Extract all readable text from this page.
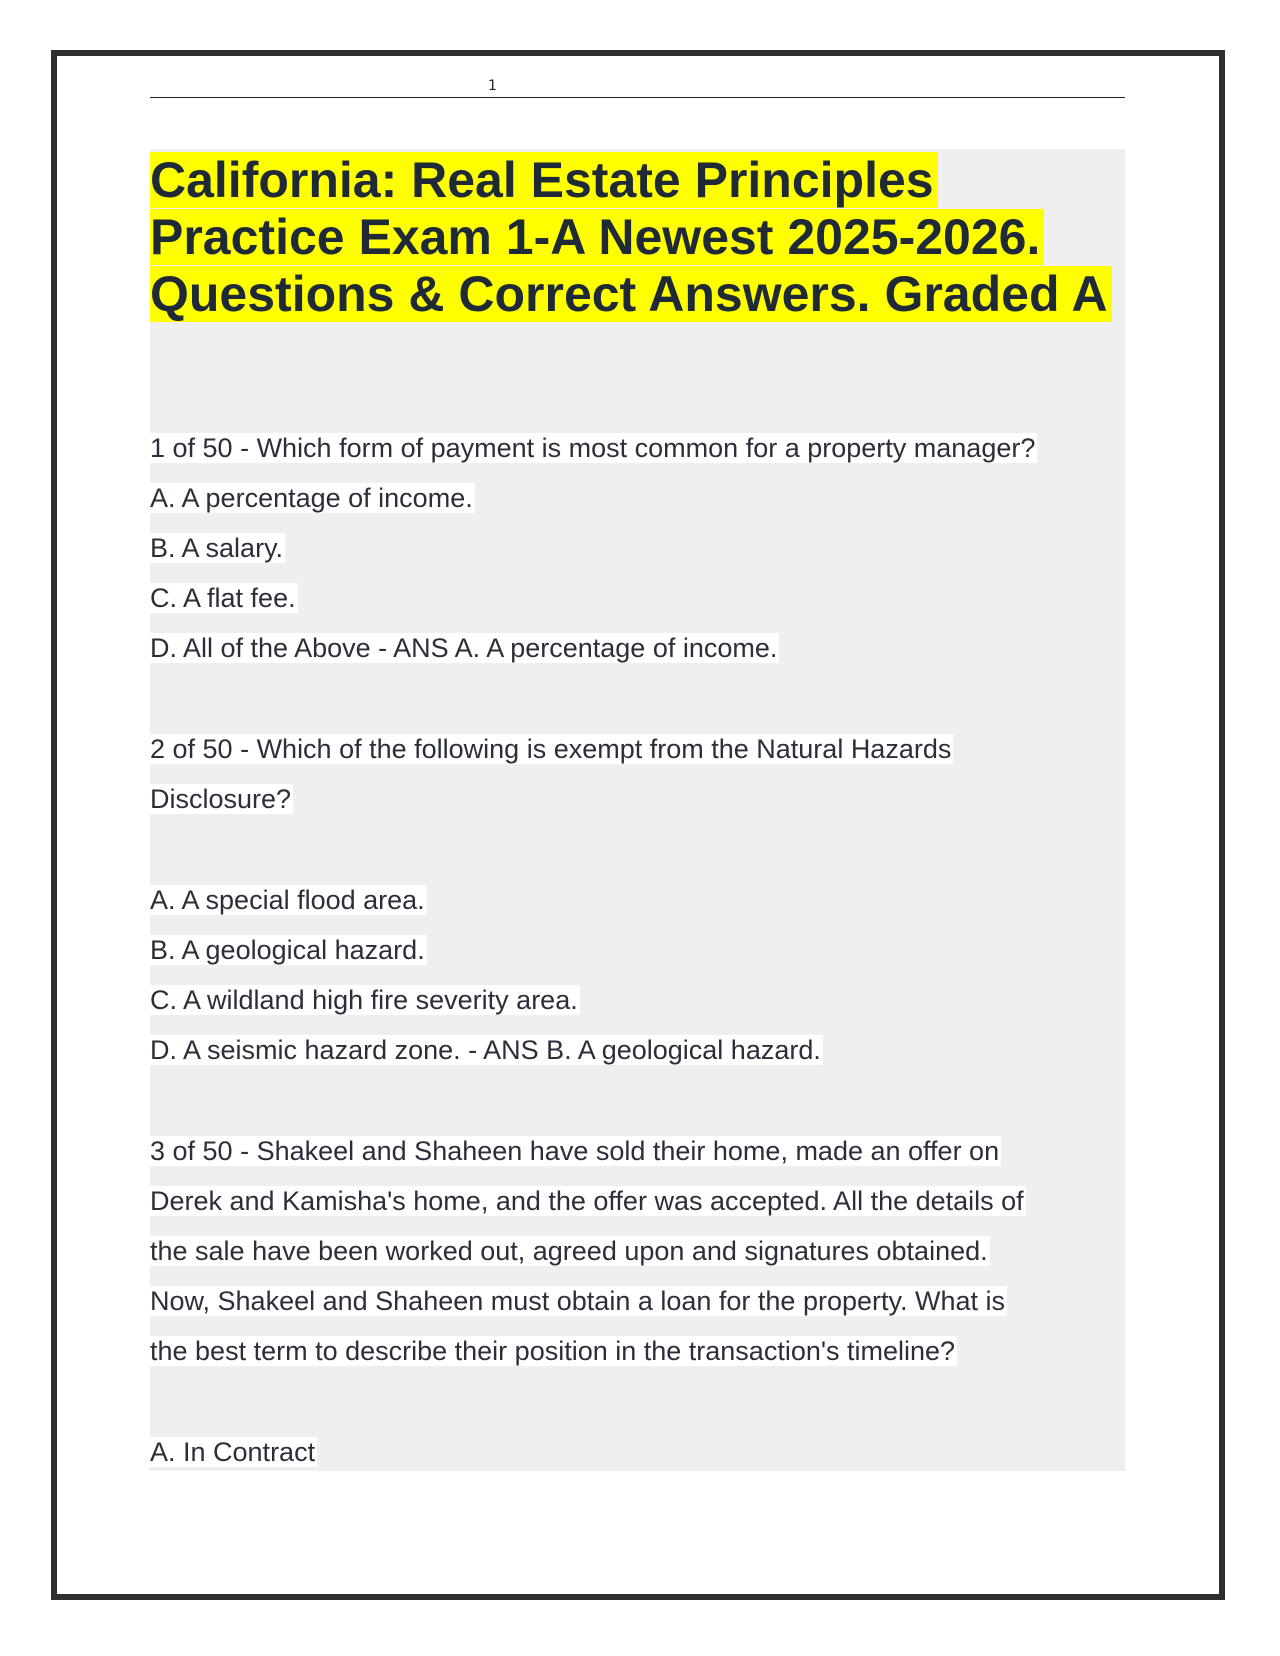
1
California: Real Estate Principles
Practice Exam 1-A Newest 2025-2026.
Questions & Correct Answers. Graded A

1 of 50 - Which form of payment is most common for a property manager?

A. A percentage of income.

B. A salary.

C. A flat fee.

D. All of the Above - ANS A. A percentage of income.

2 of 50 - Which of the following is exempt from the Natural Hazards

Disclosure?

A. A special flood area.

B. A geological hazard.

C. A wildland high fire severity area.

D. A seismic hazard zone. - ANS B. A geological hazard.

3 of 50 - Shakeel and Shaheen have sold their home, made an offer on

Derek and Kamisha's home, and the offer was accepted. All the details of

the sale have been worked out, agreed upon and signatures obtained.

Now, Shakeel and Shaheen must obtain a loan for the property. What is

the best term to describe their position in the transaction's timeline?

A. In Contract
